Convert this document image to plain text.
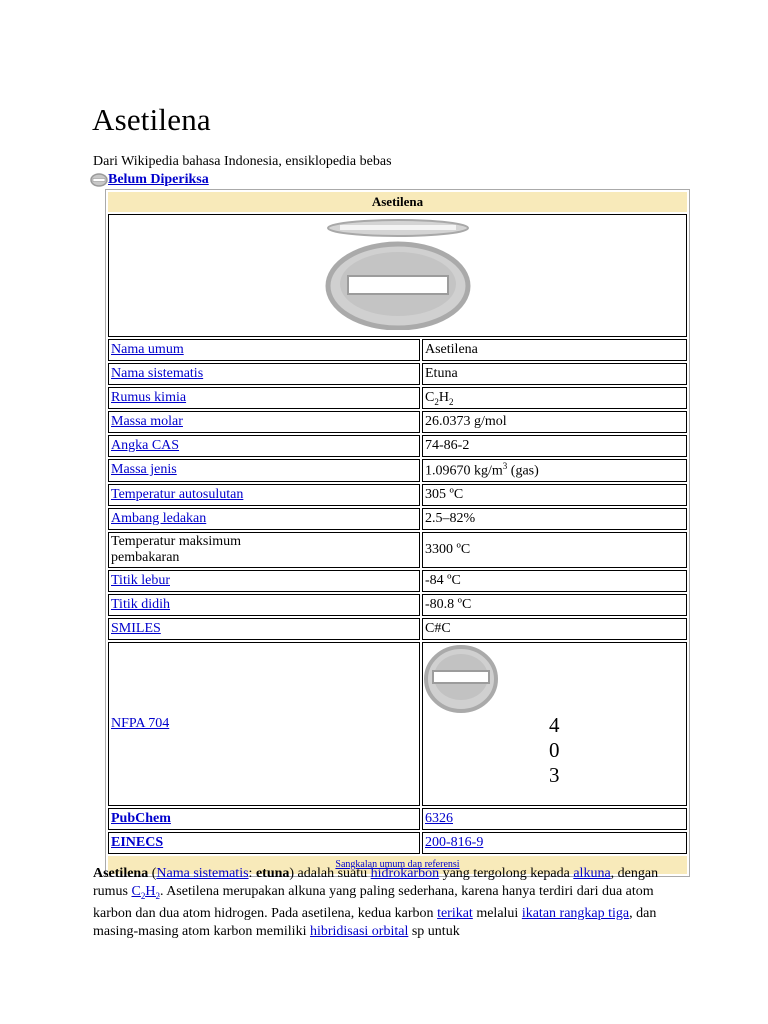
Asetilena
Dari Wikipedia bahasa Indonesia, ensiklopedia bebas
Belum Diperiksa
Asetilena	

Nama umum	Asetilena
Nama sistematis	Etuna
Rumus kimia	$C_2H_2$
Massa molar	26.0373 g/mol
Angka CAS	74-86-2
Massa jenis	1.09670 $kg/m^3$ (gas)
Temperatur autosulutan	305 ºC
Ambang ledakan	2.5–82%
Temperatur maksimum
pembakaran	3300 ºC
Titik lebur	-84 ºC
Titik didih	-80.8 ºC
SMILES	C#C
NFPA 704	4
0
3

PubChem	6326
EINECS	200-816-9
Sangkalan umum dan referensi	

Asetilena (Nama sistematis: etuna) adalah suatu hidrokarbon yang tergolong kepada alkuna, dengan rumus $C_2H_2$. Asetilena merupakan alkuna yang paling sederhana, karena hanya terdiri dari dua atom karbon dan dua atom hidrogen. Pada asetilena, kedua karbon terikat melalui ikatan rangkap tiga, dan masing-masing atom karbon memiliki hibridisasi orbital sp untuk
